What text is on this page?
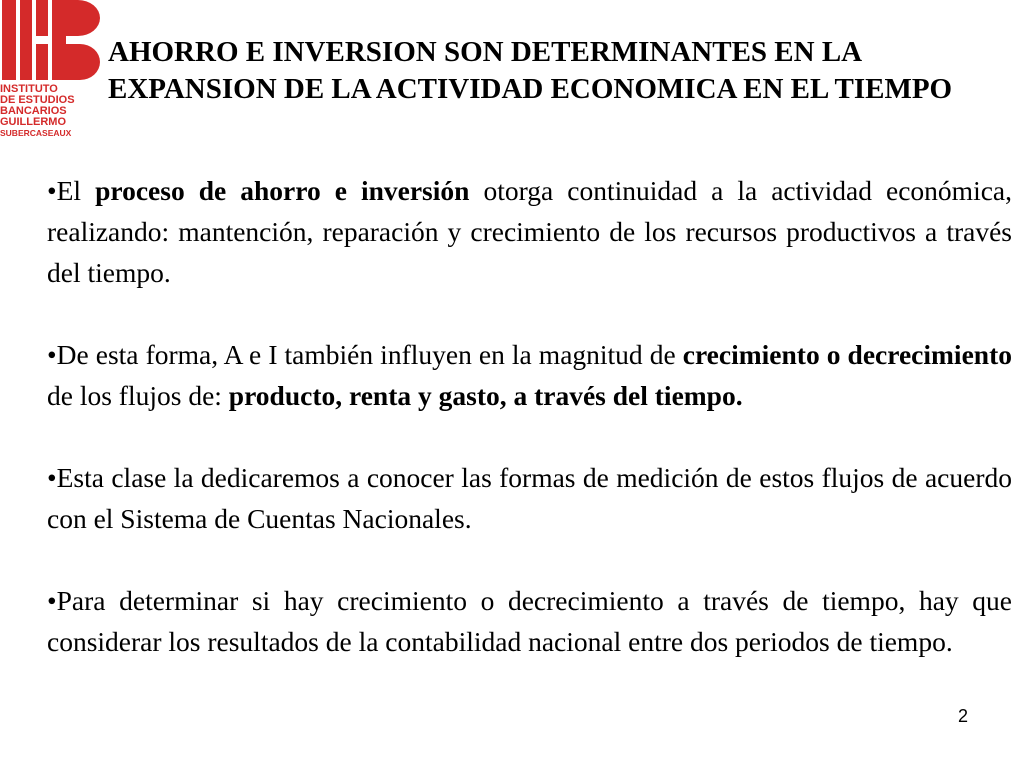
INSTITUTO
DE ESTUDIOS
BANCARIOS
GUILLERMO
SUBERCASEAUX
AHORRO E INVERSION SON DETERMINANTES EN LA EXPANSION DE LA ACTIVIDAD ECONOMICA EN EL TIEMPO

•El proceso de ahorro e inversión otorga continuidad a la actividad económica, realizando: mantención, reparación y crecimiento de los recursos productivos a través del tiempo.

•De esta forma, A e I también influyen en la magnitud de crecimiento o decrecimiento de los flujos de: producto, renta y gasto, a través del tiempo.

•Esta clase la dedicaremos a conocer las formas de medición de estos flujos de acuerdo con el Sistema de Cuentas Nacionales.

•Para determinar si hay crecimiento o decrecimiento a través de tiempo, hay que considerar los resultados de la contabilidad nacional entre dos periodos de tiempo.

2
